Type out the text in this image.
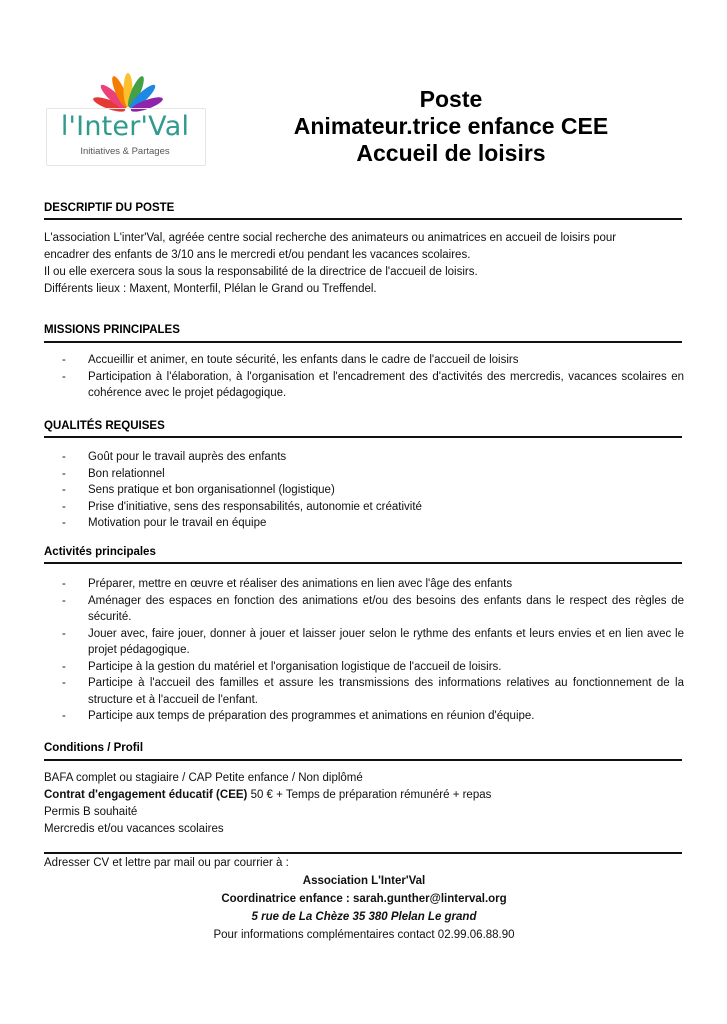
l'Inter'Val
Initiatives & Partages
Poste
Animateur.trice enfance CEE
Accueil de loisirs
DESCRIPTIF DU POSTE

L'association L'inter'Val, agréée centre social recherche des animateurs ou animatrices en accueil de loisirs pour

encadrer des enfants de 3/10 ans le mercredi et/ou pendant les vacances scolaires.

Il ou elle exercera sous la sous la responsabilité de la directrice de l'accueil de loisirs.

Différents lieux : Maxent, Monterfil, Plélan le Grand ou Treffendel.

MISSIONS PRINCIPALES
- Accueillir et animer, en toute sécurité, les enfants dans le cadre de l'accueil de loisirs
- Participation à l'élaboration, à l'organisation et l'encadrement des d'activités des mercredis, vacances scolaires en cohérence avec le projet pédagogique.
QUALITÉS REQUISES
- Goût pour le travail auprès des enfants
- Bon relationnel
- Sens pratique et bon organisationnel (logistique)
- Prise d'initiative, sens des responsabilités, autonomie et créativité
- Motivation pour le travail en équipe
Activités principales
- Préparer, mettre en œuvre et réaliser des animations en lien avec l'âge des enfants
- Aménager des espaces en fonction des animations et/ou des besoins des enfants dans le respect des règles de sécurité.
- Jouer avec, faire jouer, donner à jouer et laisser jouer selon le rythme des enfants et leurs envies et en lien avec le projet pédagogique.
- Participe à la gestion du matériel et l'organisation logistique de l'accueil de loisirs.
- Participe à l'accueil des familles et assure les transmissions des informations relatives au fonctionnement de la structure et à l'accueil de l'enfant.
- Participe aux temps de préparation des programmes et animations en réunion d'équipe.
Conditions / Profil
BAFA complet ou stagiaire / CAP Petite enfance / Non diplômé
Contrat d'engagement éducatif (CEE) 50 € + Temps de préparation rémunéré + repas
Permis B souhaité
Mercredis et/ou vacances scolaires
Adresser CV et lettre par mail ou par courrier à :
Association L'Inter'Val
Coordinatrice enfance : sarah.gunther@linterval.org
5 rue de La Chèze 35 380 Plelan Le grand
Pour informations complémentaires contact 02.99.06.88.90
